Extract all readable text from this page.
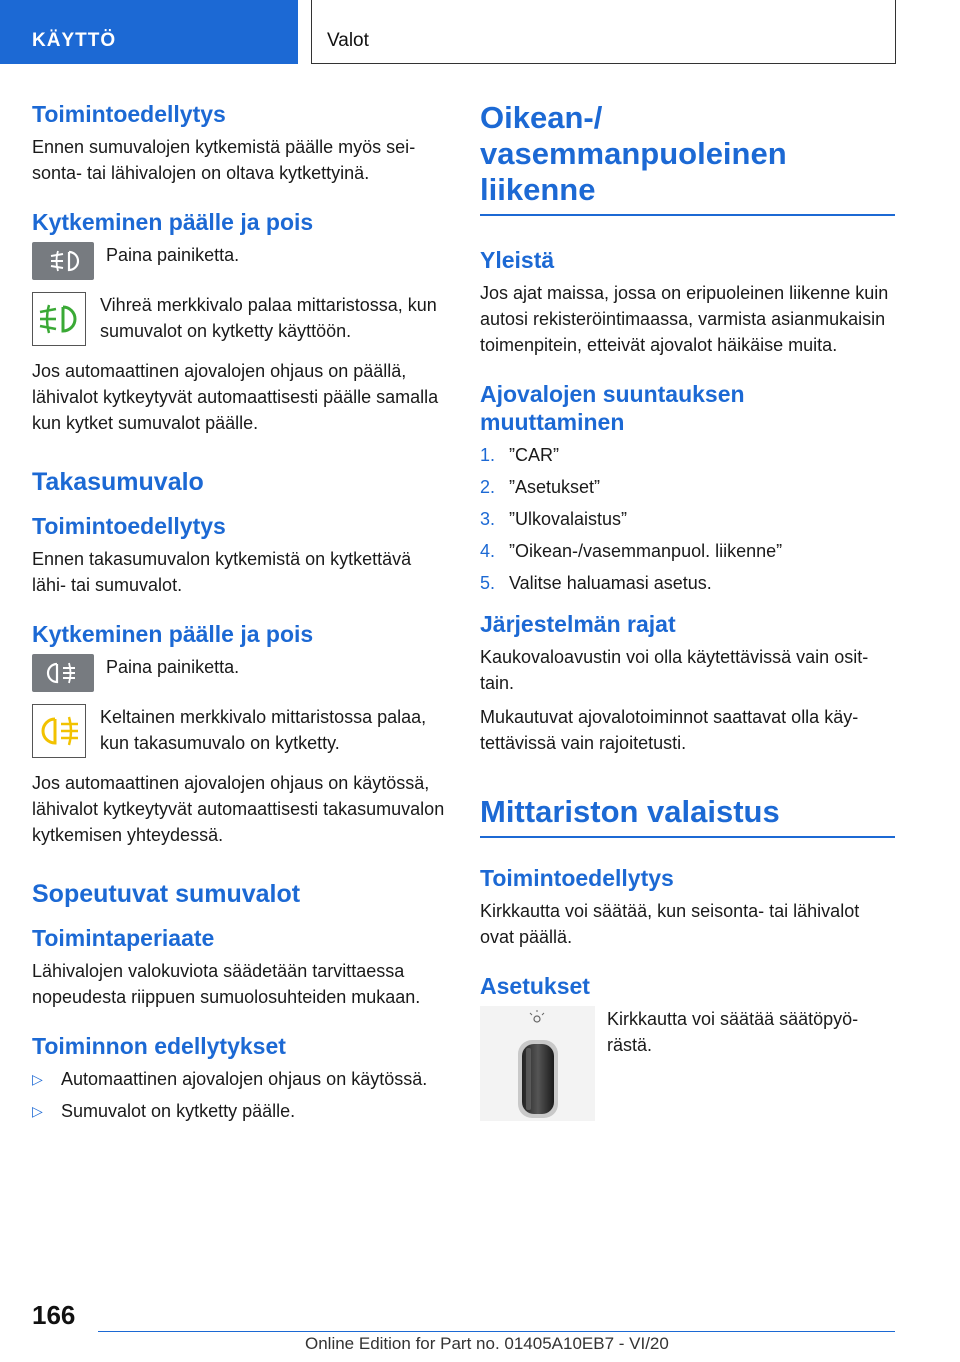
KÄYTTÖ	Valot
Toimintoedellytys

Ennen sumuvalojen kytkemistä päälle myös seisonta- tai lähivalojen on oltava kytkettyinä.

Kytkeminen päälle ja pois

Paina painiketta.

Vihreä merkkivalo palaa mittaristossa, kun sumuvalot on kytketty käyttöön.

Jos automaattinen ajovalojen ohjaus on päällä, lähivalot kytkeytyvät automaattisesti päälle samalla kun kytket sumuvalot päälle.

Takasumuvalo
Toimintoedellytys

Ennen takasumuvalon kytkemistä on kytkettävä lähi- tai sumuvalot.

Kytkeminen päälle ja pois

Paina painiketta.

Keltainen merkkivalo mittaristossa palaa, kun takasumuvalo on kytketty.

Jos automaattinen ajovalojen ohjaus on käytössä, lähivalot kytkeytyvät automaattisesti takasumuvalon kytkemisen yhteydessä.

Sopeutuvat sumuvalot
Toimintaperiaate

Lähivalojen valokuviota säädetään tarvittaessa nopeudesta riippuen sumuolosuhteiden mukaan.

Toiminnon edellytykset
▷	Automaattinen ajovalojen ohjaus on käytössä.
▷	Sumuvalot on kytketty päälle.
Oikean-/ vasemmanpuoleinen liikenne
Yleistä

Jos ajat maissa, jossa on eripuoleinen liikenne kuin autosi rekisteröintimaassa, varmista asianmukaisin toimenpitein, etteivät ajovalot häikäise muita.

Ajovalojen suuntauksen muuttaminen
1. ”CAR”
2. ”Asetukset”
3. ”Ulkovalaistus”
4. ”Oikean-/vasemmanpuol. liikenne”
5. Valitse haluamasi asetus.
Järjestelmän rajat

Kaukovaloavustin voi olla käytettävissä vain osittain.

Mukautuvat ajovalotoiminnot saattavat olla käytettävissä vain rajoitetusti.

Mittariston valaistus
Toimintoedellytys

Kirkkautta voi säätää, kun seisonta- tai lähivalot ovat päällä.

Asetukset

Kirkkautta voi säätää säätöpyörästä.

166
Online Edition for Part no. 01405A10EB7 - VI/20
